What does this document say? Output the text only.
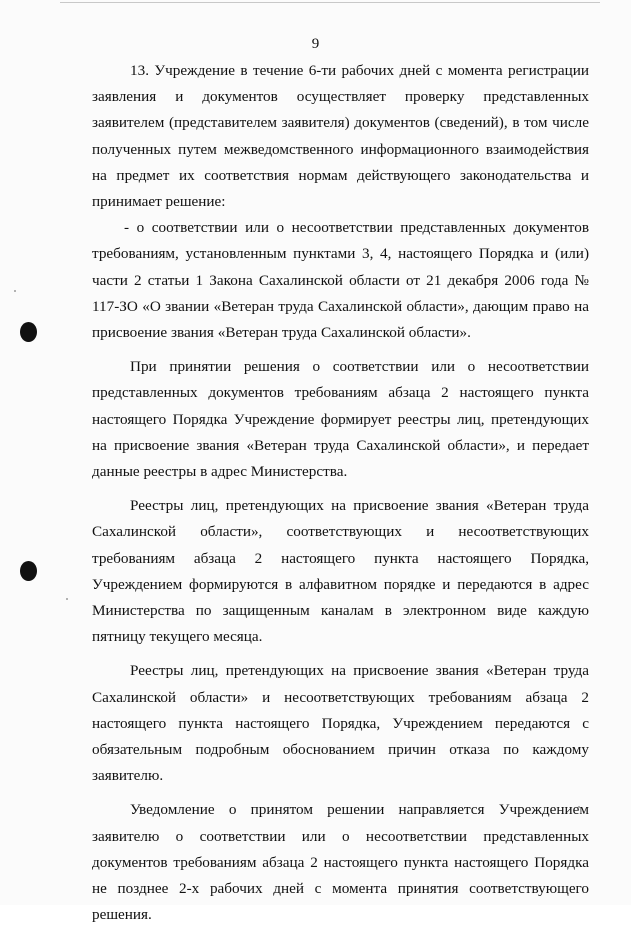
9

13. Учреждение в течение 6-ти рабочих дней с момента регистрации заявления и документов осуществляет проверку представленных заявителем (представителем заявителя) документов (сведений), в том числе полученных путем межведомственного информационного взаимодействия на предмет их соответствия нормам действующего законодательства и принимает решение:

- о соответствии или о несоответствии представленных документов требованиям, установленным пунктами 3, 4, настоящего Порядка и (или) части 2 статьи 1 Закона Сахалинской области от 21 декабря 2006 года № 117-ЗО «О звании «Ветеран труда Сахалинской области», дающим право на присвоение звания «Ветеран труда Сахалинской области».

При принятии решения о соответствии или о несоответствии представленных документов требованиям абзаца 2 настоящего пункта настоящего Порядка Учреждение формирует реестры лиц, претендующих на присвоение звания «Ветеран труда Сахалинской области», и передает данные реестры в адрес Министерства.

Реестры лиц, претендующих на присвоение звания «Ветеран труда Сахалинской области», соответствующих и несоответствующих требованиям абзаца 2 настоящего пункта настоящего Порядка, Учреждением формируются в алфавитном порядке и передаются в адрес Министерства по защищенным каналам в электронном виде каждую пятницу текущего месяца.

Реестры лиц, претендующих на присвоение звания «Ветеран труда Сахалинской области» и несоответствующих требованиям абзаца 2 настоящего пункта настоящего Порядка, Учреждением передаются с обязательным подробным обоснованием причин отказа по каждому заявителю.

Уведомление о принятом решении направляется Учреждением заявителю о соответствии или о несоответствии представленных документов требованиям абзаца 2 настоящего пункта настоящего Порядка не позднее 2-х рабочих дней с момента принятия соответствующего решения.
